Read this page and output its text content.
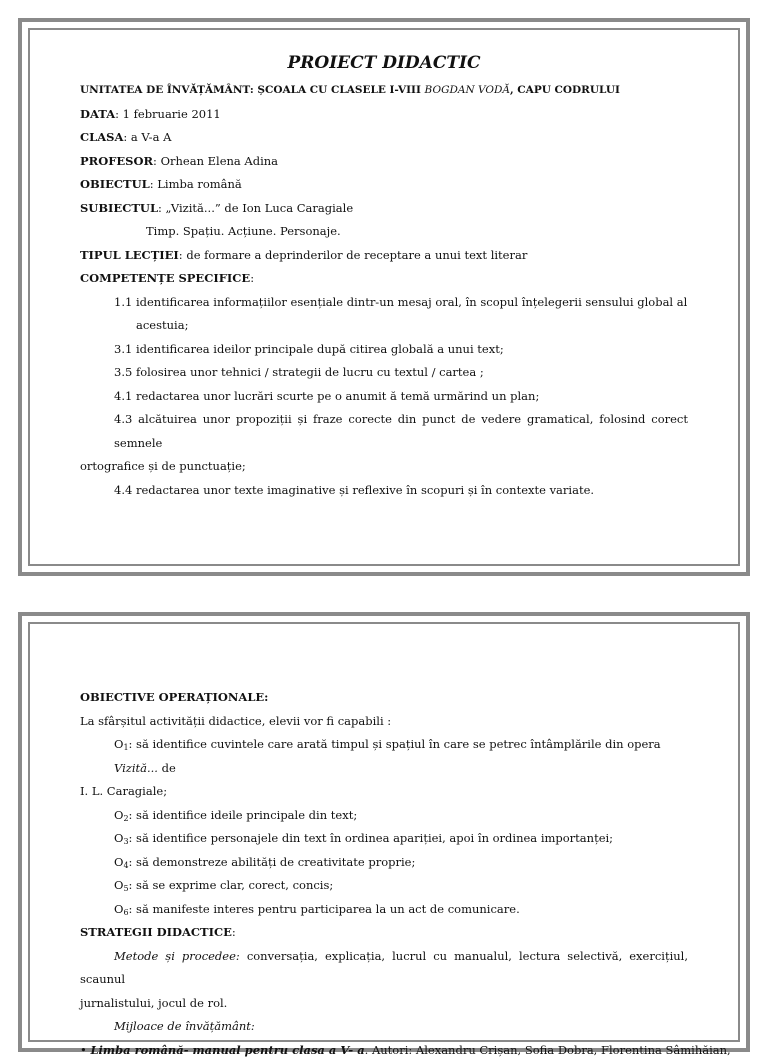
PROIECT DIDACTIC
UNITATEA DE ÎNVĂȚĂMÂNT: ȘCOALA CU CLASELE I-VIII BOGDAN VODĂ, CAPU CODRULUI
DATA: 1 februarie 2011
CLASA: a V-a A
PROFESOR: Orhean Elena Adina
OBIECTUL: Limba română
SUBIECTUL: „Vizită...” de Ion Luca Caragiale
Timp. Spațiu. Acțiune. Personaje.
TIPUL LECȚIEI: de formare a deprinderilor de receptare a unui text literar
COMPETENȚE SPECIFICE:
1.1 identificarea informațiilor esențiale dintr-un mesaj oral, în scopul înțelegerii sensului global al
acestuia;
3.1 identificarea ideilor principale după citirea globală a unui text;
3.5 folosirea unor tehnici / strategii de lucru cu textul / cartea ;
4.1 redactarea unor lucrări scurte pe o anumit ă temă urmărind un plan;
4.3 alcătuirea unor propoziții și fraze corecte din punct de vedere gramatical, folosind corect semnele
ortografice și de punctuație;
4.4 redactarea unor texte imaginative și reflexive în scopuri și în contexte variate.
OBIECTIVE OPERAȚIONALE:
La sfârșitul activității didactice, elevii vor fi capabili :
$O_1$: să identifice cuvintele care arată timpul și spațiul în care se petrec întâmplările din opera Vizită... de
I. L. Caragiale;
$O_2$: să identifice ideile principale din text;
$O_3$: să identifice personajele din text în ordinea apariției, apoi în ordinea importanței;
$O_4$: să demonstreze abilități de creativitate proprie;
$O_5$: să se exprime clar, corect, concis;
$O_6$: să manifeste interes pentru participarea la un act de comunicare.
STRATEGII DIDACTICE:
Metode și procedee: conversația, explicația, lucrul cu manualul, lectura selectivă, exercițiul, scaunul
jurnalistului, jocul de rol.
Mijloace de învățământ:
• Limba română- manual pentru clasa a V- a. Autori: Alexandru Crișan, Sofia Dobra, Florentina Sâmihăian,
